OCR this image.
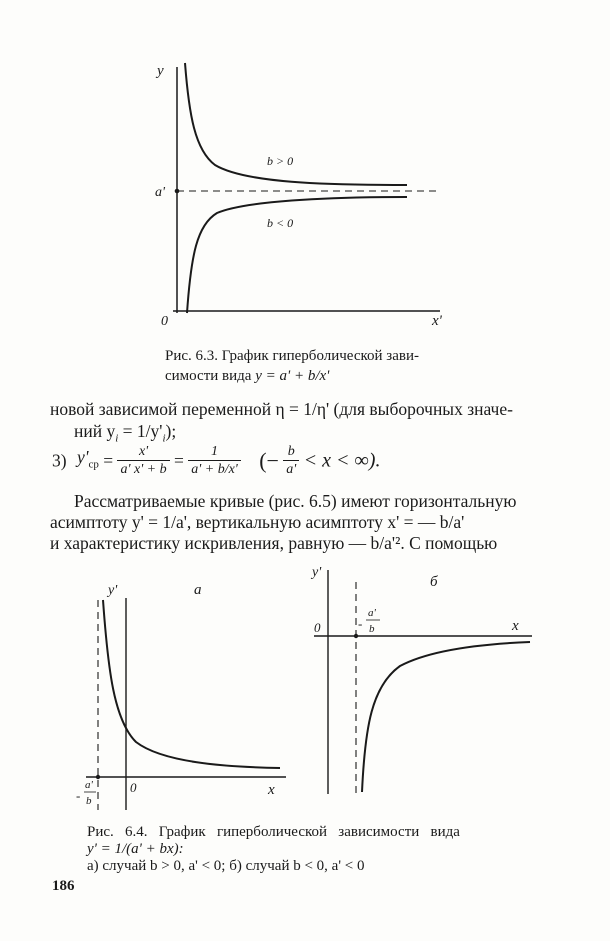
y
a'
0	x'
b > 0
b < 0
Рис. 6.3. График гиперболической зави-
симости вида y = a' + b/x'
новой зависимой переменной η = 1/η' (для выборочных значе-
ний $y_i = 1/y'_i$);
3) $y'_{ср} = \frac{x'}{a' x' + b} = \frac{1}{a' + b/x'}$ (− $\frac{b}{a'} < x$ < ∞).
Рассматриваемые кривые (рис. 6.5) имеют горизонтальную
асимптоту y' = 1/a', вертикальную асимптоту x' = — b/a'
и характеристику искривления, равную — b/a'². С помощью
а
y'
x
0
-
a'
b
б
y'
x
0	-
a'
b
Рис.   6.4.   График   гиперболической   зависимости   вида
y' = 1/(a' + bx):
а) случай b > 0, a' < 0; б) случай b < 0, a' < 0
186
